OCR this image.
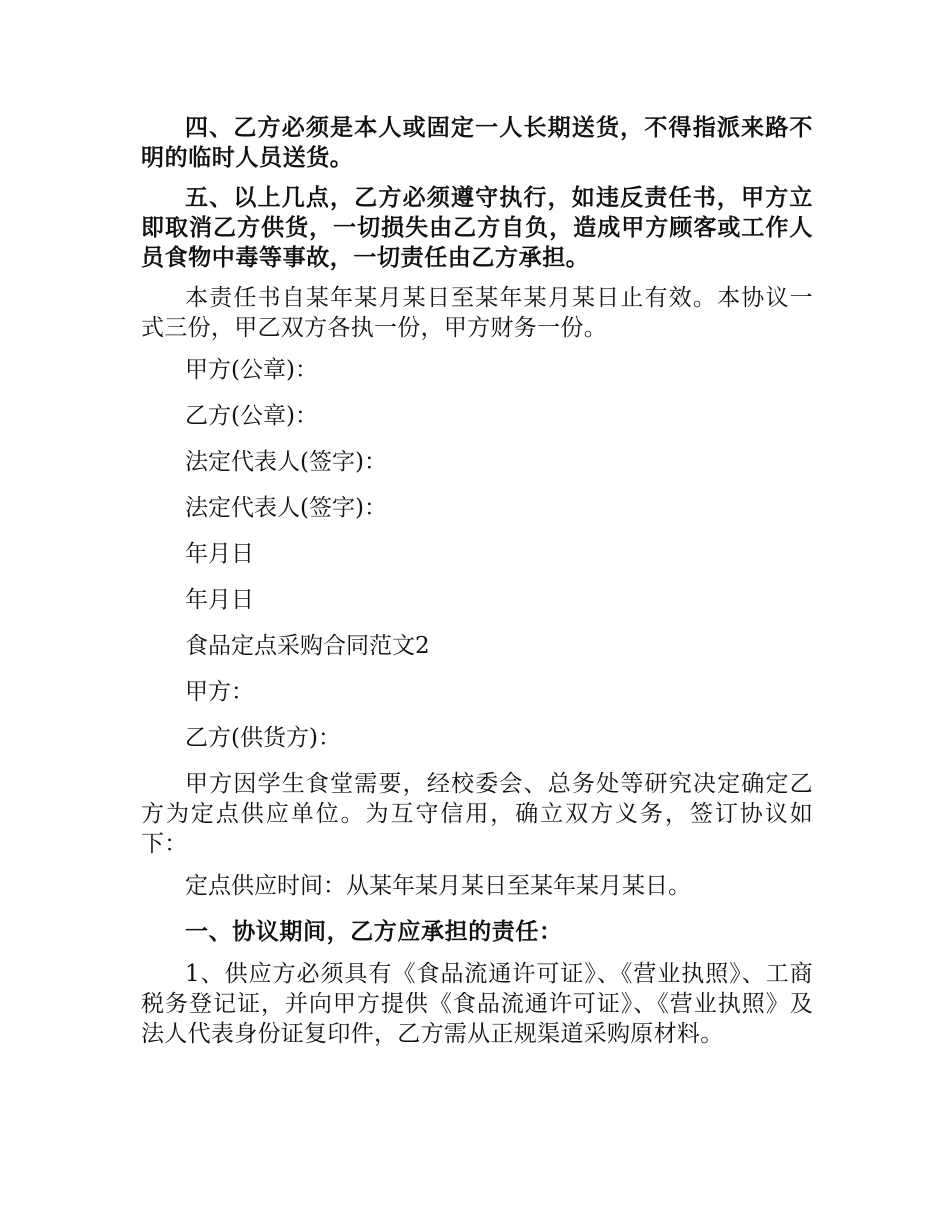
四、乙方必须是本人或固定一人长期送货，不得指派来路不明的临时人员送货。

五、以上几点，乙方必须遵守执行，如违反责任书，甲方立即取消乙方供货，一切损失由乙方自负，造成甲方顾客或工作人员食物中毒等事故，一切责任由乙方承担。

本责任书自某年某月某日至某年某月某日止有效。本协议一式三份，甲乙双方各执一份，甲方财务一份。

甲方(公章)：

乙方(公章)：

法定代表人(签字)：

法定代表人(签字)：

年月日

年月日

食品定点采购合同范文2

甲方：

乙方(供货方)：

甲方因学生食堂需要，经校委会、总务处等研究决定确定乙方为定点供应单位。为互守信用，确立双方义务，签订协议如下：

定点供应时间：从某年某月某日至某年某月某日。

一、协议期间，乙方应承担的责任：

1、供应方必须具有《食品流通许可证》、《营业执照》、工商税务登记证，并向甲方提供《食品流通许可证》、《营业执照》及法人代表身份证复印件，乙方需从正规渠道采购原材料。
